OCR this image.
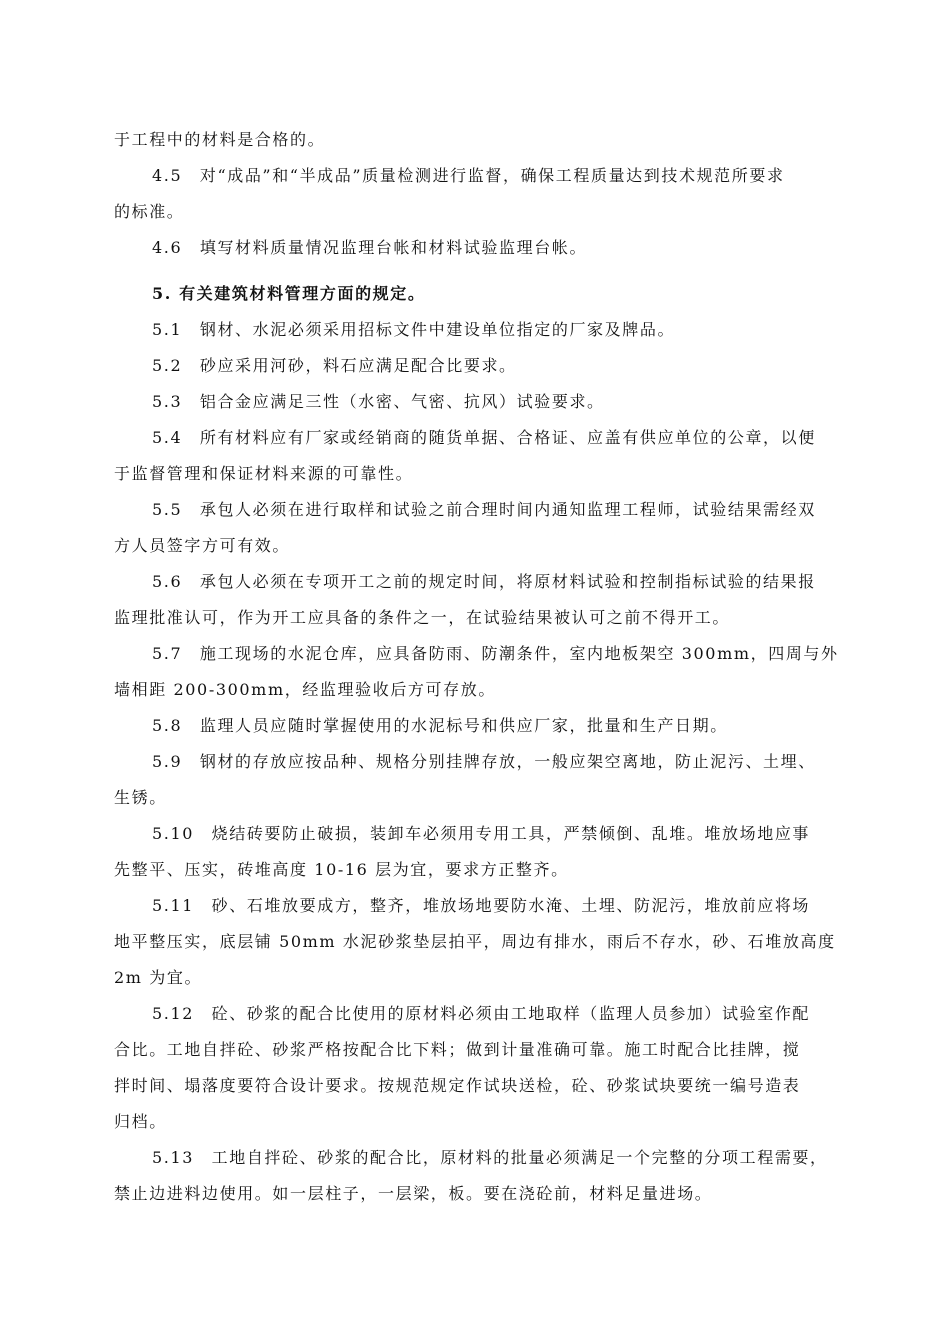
于工程中的材料是合格的。
4.5　对“成品”和“半成品”质量检测进行监督，确保工程质量达到技术规范所要求
的标准。
4.6　填写材料质量情况监理台帐和材料试验监理台帐。
5. 有关建筑材料管理方面的规定。
5.1　钢材、水泥必须采用招标文件中建设单位指定的厂家及牌品。
5.2　砂应采用河砂，料石应满足配合比要求。
5.3　铝合金应满足三性（水密、气密、抗风）试验要求。
5.4　所有材料应有厂家或经销商的随货单据、合格证、应盖有供应单位的公章，以便
于监督管理和保证材料来源的可靠性。
5.5　承包人必须在进行取样和试验之前合理时间内通知监理工程师，试验结果需经双
方人员签字方可有效。
5.6　承包人必须在专项开工之前的规定时间，将原材料试验和控制指标试验的结果报
监理批准认可，作为开工应具备的条件之一，在试验结果被认可之前不得开工。
5.7　施工现场的水泥仓库，应具备防雨、防潮条件，室内地板架空 300mm，四周与外
墙相距 200-300mm，经监理验收后方可存放。
5.8　监理人员应随时掌握使用的水泥标号和供应厂家，批量和生产日期。
5.9　钢材的存放应按品种、规格分别挂牌存放，一般应架空离地，防止泥污、土埋、
生锈。
5.10　烧结砖要防止破损，装卸车必须用专用工具，严禁倾倒、乱堆。堆放场地应事
先整平、压实，砖堆高度 10-16 层为宜，要求方正整齐。
5.11　砂、石堆放要成方，整齐，堆放场地要防水淹、土埋、防泥污，堆放前应将场
地平整压实，底层铺 50mm 水泥砂浆垫层拍平，周边有排水，雨后不存水，砂、石堆放高度
2m 为宜。
5.12　砼、砂浆的配合比使用的原材料必须由工地取样（监理人员参加）试验室作配
合比。工地自拌砼、砂浆严格按配合比下料；做到计量准确可靠。施工时配合比挂牌，搅
拌时间、塌落度要符合设计要求。按规范规定作试块送检，砼、砂浆试块要统一编号造表
归档。
5.13　工地自拌砼、砂浆的配合比，原材料的批量必须满足一个完整的分项工程需要，
禁止边进料边使用。如一层柱子，一层梁，板。要在浇砼前，材料足量进场。
